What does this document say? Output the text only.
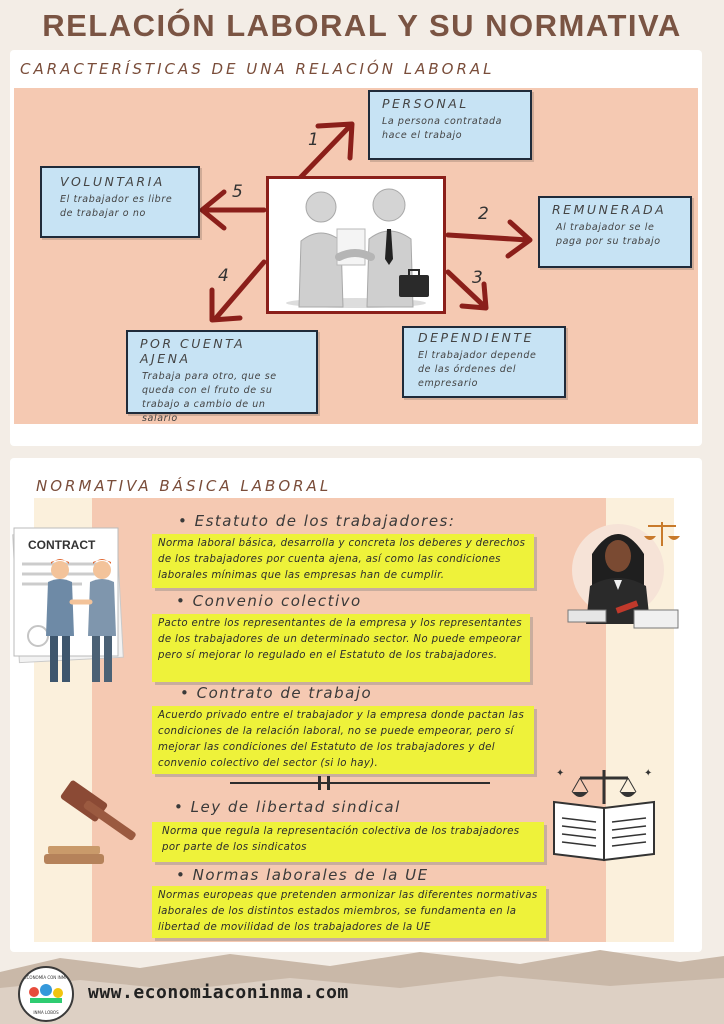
RELACIÓN LABORAL Y SU NORMATIVA
CARACTERÍSTICAS DE UNA RELACIÓN LABORAL
1
2
3
4
5
PERSONAL
La persona contratada hace el trabajo
REMUNERADA
Al trabajador se le paga por su trabajo
DEPENDIENTE
El trabajador depende de las órdenes del empresario
POR CUENTA AJENA
Trabaja para otro, que se queda con el fruto de su trabajo a cambio de un salario
VOLUNTARIA
El trabajador es libre de trabajar o no
NORMATIVA BÁSICA LABORAL
CONTRACT
✦	✦
• Estatuto de los trabajadores:
Norma laboral básica, desarrolla y concreta los deberes y derechos de los trabajadores por cuenta ajena, así como las condiciones laborales mínimas que las empresas han de cumplir.
• Convenio colectivo
Pacto entre los representantes de la empresa y los representantes de los trabajadores de un determinado sector. No puede empeorar pero sí mejorar lo regulado en el Estatuto de los trabajadores.
• Contrato de trabajo
Acuerdo privado entre el trabajador y la empresa donde pactan las condiciones de la relación laboral, no se puede empeorar, pero sí mejorar las condiciones del Estatuto de los trabajadores y del convenio colectivo del sector (si lo hay).
• Ley de libertad sindical
Norma que regula la representación colectiva de los trabajadores por parte de los sindicatos
• Normas laborales de la UE
Normas europeas que pretenden armonizar las diferentes normativas laborales de los distintos estados miembros, se fundamenta en la libertad de movilidad de los trabajadores de la UE
ECONOMÍA CON INMA
INMA LOBOS
www.economiaconinma.com
